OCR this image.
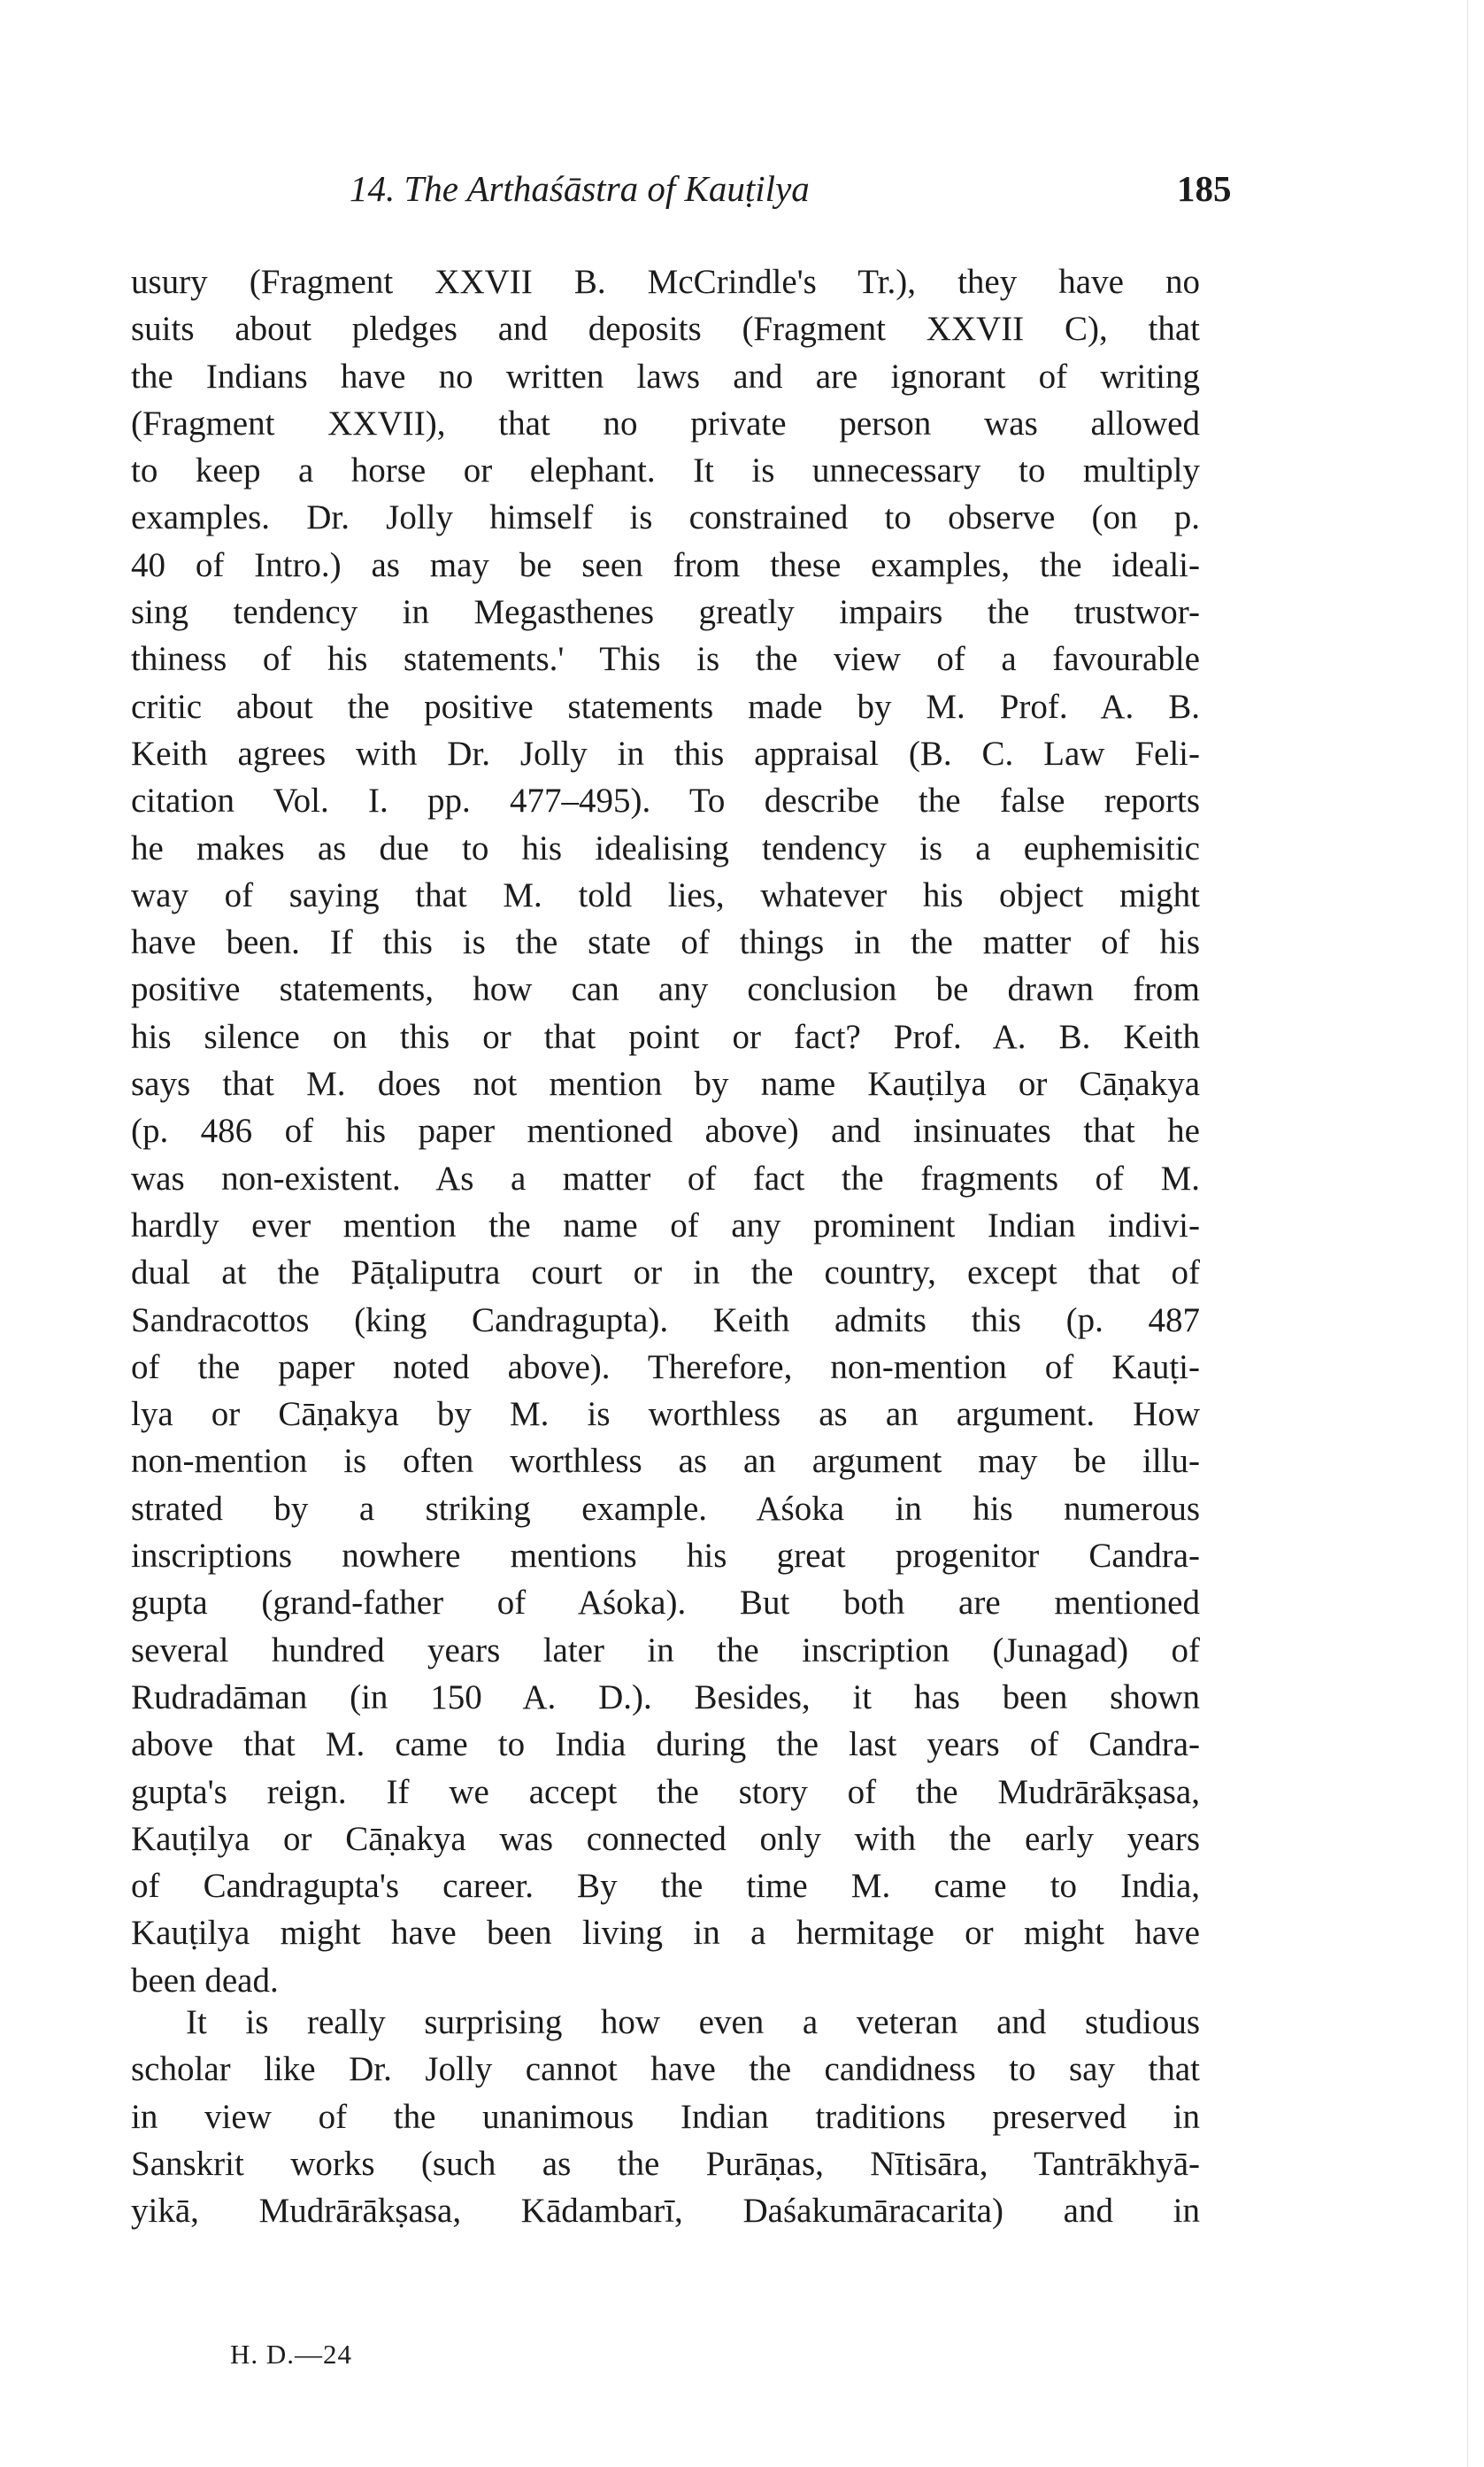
14. The Arthaśāstra of Kauṭilya	185
usury (Fragment XXVII B. McCrindle's Tr.), they have no
suits about pledges and deposits (Fragment XXVII C), that
the Indians have no written laws and are ignorant of writing
(Fragment XXVII), that no private person was allowed
to keep a horse or elephant. It is unnecessary to multiply
examples. Dr. Jolly himself is constrained to observe (on p.
40 of Intro.) as may be seen from these examples, the ideali-
sing tendency in Megasthenes greatly impairs the trustwor-
thiness of his statements.' This is the view of a favourable
critic about the positive statements made by M. Prof. A. B.
Keith agrees with Dr. Jolly in this appraisal (B. C. Law Feli-
citation Vol. I. pp. 477–495). To describe the false reports
he makes as due to his idealising tendency is a euphemisitic
way of saying that M. told lies, whatever his object might
have been. If this is the state of things in the matter of his
positive statements, how can any conclusion be drawn from
his silence on this or that point or fact? Prof. A. B. Keith
says that M. does not mention by name Kauṭilya or Cāṇakya
(p. 486 of his paper mentioned above) and insinuates that he
was non-existent. As a matter of fact the fragments of M.
hardly ever mention the name of any prominent Indian indivi-
dual at the Pāṭaliputra court or in the country, except that of
Sandracottos (king Candragupta). Keith admits this (p. 487
of the paper noted above). Therefore, non-mention of Kauṭi-
lya or Cāṇakya by M. is worthless as an argument. How
non-mention is often worthless as an argument may be illu-
strated by a striking example. Aśoka in his numerous
inscriptions nowhere mentions his great progenitor Candra-
gupta (grand-father of Aśoka). But both are mentioned
several hundred years later in the inscription (Junagad) of
Rudradāman (in 150 A. D.). Besides, it has been shown
above that M. came to India during the last years of Candra-
gupta's reign. If we accept the story of the Mudrārākṣasa,
Kauṭilya or Cāṇakya was connected only with the early years
of Candragupta's career. By the time M. came to India,
Kauṭilya might have been living in a hermitage or might have
been dead.
It is really surprising how even a veteran and studious
scholar like Dr. Jolly cannot have the candidness to say that
in view of the unanimous Indian traditions preserved in
Sanskrit works (such as the Purāṇas, Nītisāra, Tantrākhyā-
yikā, Mudrārākṣasa, Kādambarī, Daśakumāracarita) and in
H. D.—24
